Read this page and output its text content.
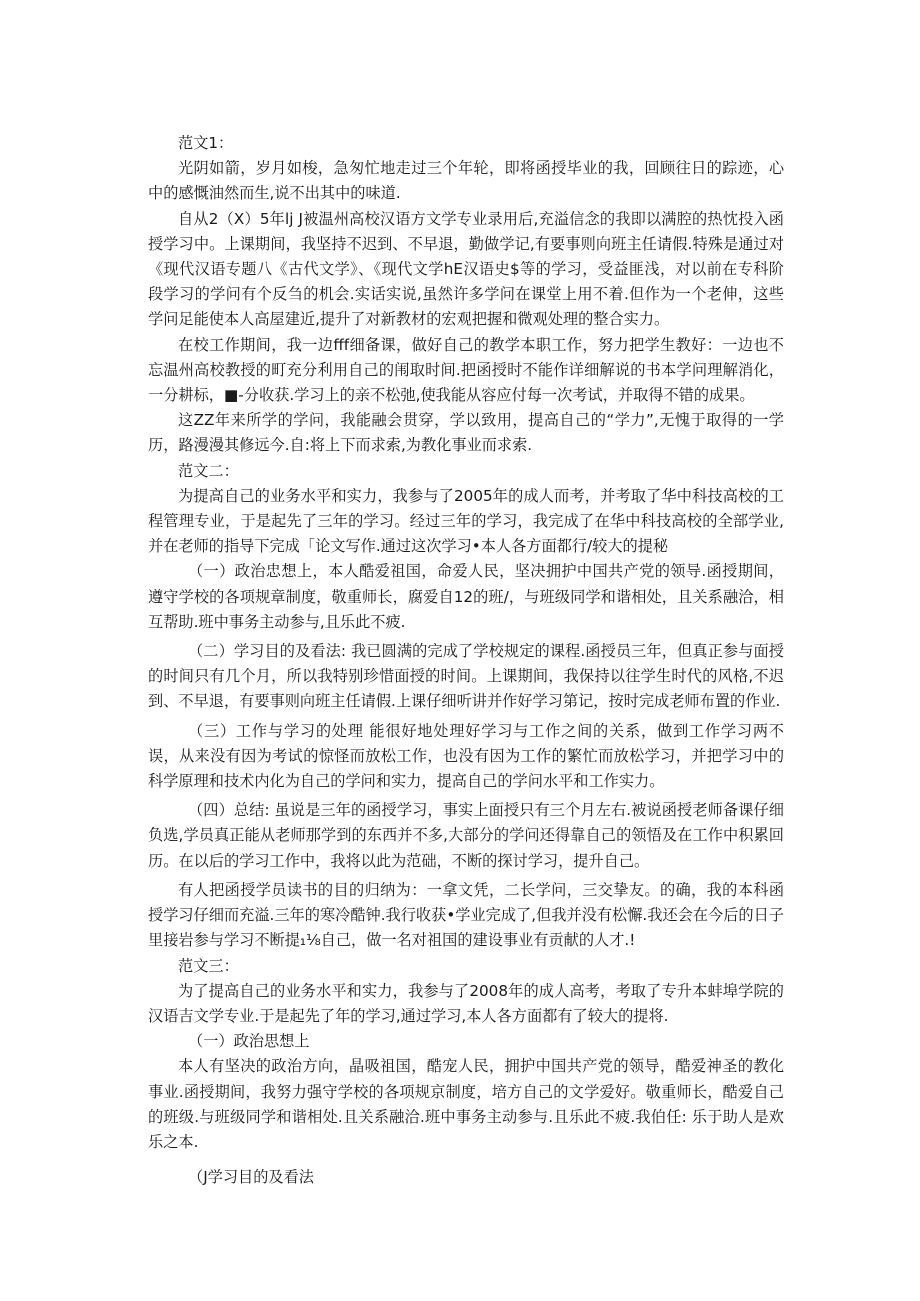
范文1：

光阴如箭，岁月如梭，急匆忙地走过三个年轮，即将函授毕业的我，回顾往日的踪迹，心中的感慨油然而生,说不出其中的味道.

自从2（X）5年lj J被温州高校汉语方文学专业录用后,充溢信念的我即以满腔的热忱投入函授学习中。上课期间，我坚持不迟到、不早退，勤做学记,有要事则向班主任请假.特殊是通过对《现代汉语专题八《古代文学》、《现代文学hE汉语史$等的学习，受益匪浅，对以前在专科阶段学习的学问有个反刍的机会.实话实说,虽然许多学问在课堂上用不着.但作为一个老伸，这些学问足能使本人高屋建近,提升了对新教材的宏观把握和微观处理的整合实力。

在校工作期间，我一边fff细备课，做好自己的教学本职工作，努力把学生教好：一边也不忘温州高校教授的町充分利用自己的闱取时间.把函授时不能作详细解说的书本学问理解消化，一分耕标，■-分收获.学习上的亲不松弛,使我能从容应付每一次考试，并取得不错的成果。

这ZZ年来所学的学问，我能融会贯穿，学以致用，提高自己的“学力”,无愧于取得的一学历，路漫漫其修远今.自:将上下而求索,为教化事业而求索.

范文二：

为提高自己的业务水平和实力，我参与了2005年的成人而考，并考取了华中科技高校的工程管理专业，于是起先了三年的学习。经过三年的学习，我完成了在华中科技高校的全部学业,并在老师的指导下完成「论文写作.通过这次学习•本人各方面都行/较大的提秘

（一）政治忠想上，本人酷爱祖国，命爱人民，坚决拥护中国共产党的领导.函授期间，遵守学校的各项规章制度，敬重师长，腐爱自12的班/，与班级同学和谐相处，且关系融洽，相互帮助.班中事务主动参与,且乐此不疲.

（二）学习目的及看法: 我已圆满的完成了学校规定的课程.函授员三年，但真正参与面授的时间只有几个月，所以我特别珍惜面授的时间。上课期间，我保持以往学生时代的风格,不迟到、不早退，有要事则向班主任请假.上课仔细听讲并作好学习第记，按时完成老师布置的作业.

（三）工作与学习的处理 能很好地处理好学习与工作之间的关系，做到工作学习两不误，从来没有因为考试的惊怪而放松工作，也没有因为工作的繁忙而放松学习，并把学习中的科学原理和技术内化为自己的学问和实力，提高自己的学问水平和工作实力。

（四）总结: 虽说是三年的函授学习，事实上面授只有三个月左右.被说函授老师备课仔细负选,学员真正能从老师那学到的东西并不多,大部分的学问还得靠自己的领悟及在工作中积累回历。在以后的学习工作中，我将以此为范础，不断的探讨学习，提升自己。

有人把函授学员读书的目的归纳为：一拿文凭，二长学问，三交挚友。的确，我的本科函授学习仔细而充溢.三年的寒冷酷钟.我行收获•学业完成了,但我并没有松懈.我还会在今后的日子里接岩参与学习不断提₁⅛自己，做一名对祖国的建设事业有贡献的人才.!

范文三：

为了提高自己的业务水平和实力，我参与了2008年的成人高考，考取了专升本蚌埠学院的汉语吉文学专业.于是起先了年的学习,通过学习,本人各方面都有了较大的提将.

（一）政治思想上

本人有坚决的政治方向，晶吸祖国，酷宠人民，拥护中国共产党的领导，酷爱神圣的教化事业.函授期间，我努力强守学校的各项规京制度，培方自己的文学爱好。敬重师长，酷爱自己的班级.与班级同学和谐相处.且关系融洽.班中事务主动参与.且乐此不疲.我伯任: 乐于助人是欢乐之本.

（J学习目的及看法
